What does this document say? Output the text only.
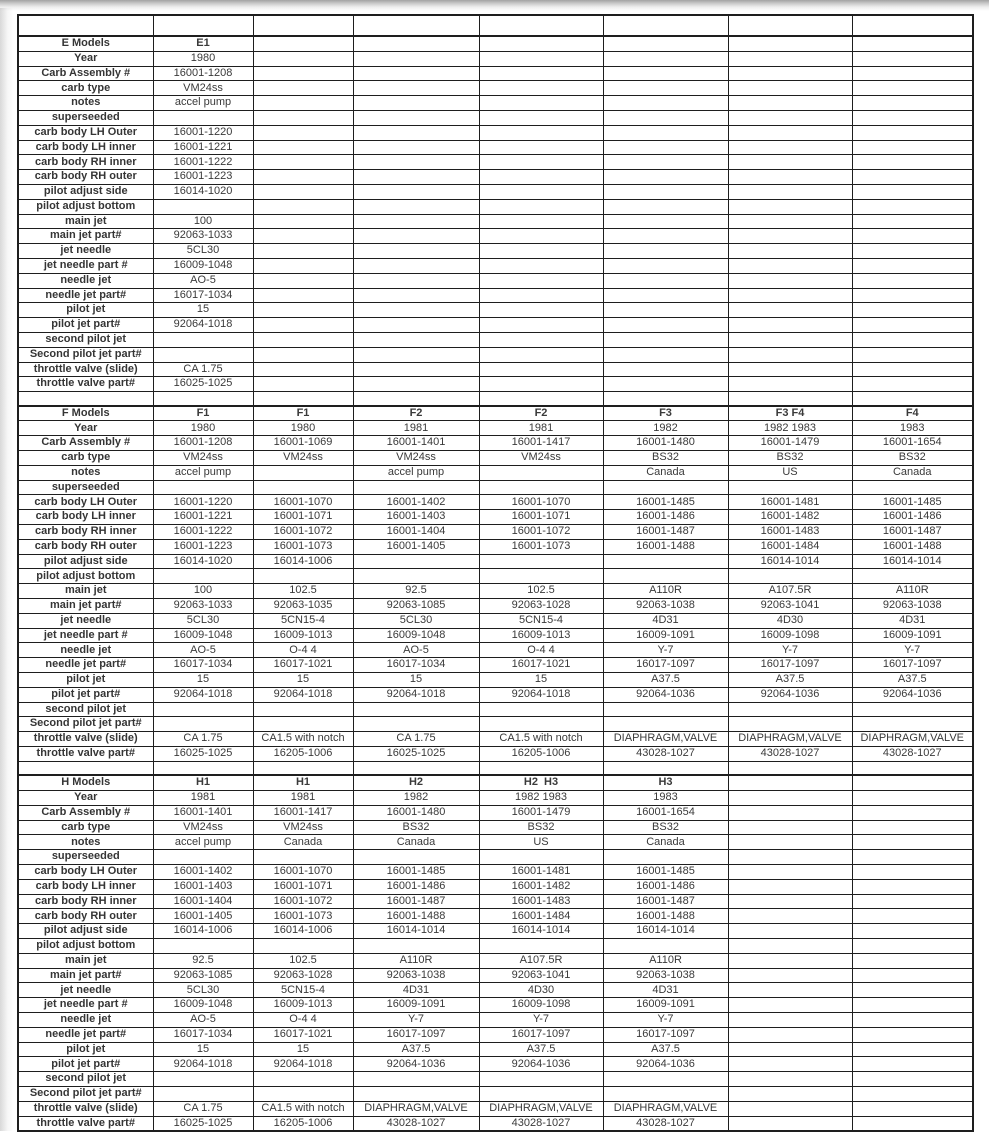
E Models	E1						
Year	1980						
Carb Assembly #	16001-1208						
carb type	VM24ss						
notes	accel pump						
superseeded							
carb body LH Outer	16001-1220						
carb body LH inner	16001-1221						
carb body RH inner	16001-1222						
carb body RH outer	16001-1223						
pilot adjust side	16014-1020						
pilot adjust bottom							
main jet	100						
main jet part#	92063-1033						
jet needle	5CL30						
jet needle part #	16009-1048						
needle jet	AO-5						
needle jet part#	16017-1034						
pilot jet	15						
pilot jet part#	92064-1018						
second pilot jet							
Second pilot jet part#							
throttle valve (slide)	CA 1.75						
throttle valve part#	16025-1025						

F Models	F1	F1	F2	F2	F3	F3 F4	F4
Year	1980	1980	1981	1981	1982	1982 1983	1983
Carb Assembly #	16001-1208	16001-1069	16001-1401	16001-1417	16001-1480	16001-1479	16001-1654
carb type	VM24ss	VM24ss	VM24ss	VM24ss	BS32	BS32	BS32
notes	accel pump		accel pump		Canada	US	Canada
superseeded							
carb body LH Outer	16001-1220	16001-1070	16001-1402	16001-1070	16001-1485	16001-1481	16001-1485
carb body LH inner	16001-1221	16001-1071	16001-1403	16001-1071	16001-1486	16001-1482	16001-1486
carb body RH inner	16001-1222	16001-1072	16001-1404	16001-1072	16001-1487	16001-1483	16001-1487
carb body RH outer	16001-1223	16001-1073	16001-1405	16001-1073	16001-1488	16001-1484	16001-1488
pilot adjust side	16014-1020	16014-1006				16014-1014	16014-1014
pilot adjust bottom							
main jet	100	102.5	92.5	102.5	A110R	A107.5R	A110R
main jet part#	92063-1033	92063-1035	92063-1085	92063-1028	92063-1038	92063-1041	92063-1038
jet needle	5CL30	5CN15-4	5CL30	5CN15-4	4D31	4D30	4D31
jet needle part #	16009-1048	16009-1013	16009-1048	16009-1013	16009-1091	16009-1098	16009-1091
needle jet	AO-5	O-4 4	AO-5	O-4 4	Y-7	Y-7	Y-7
needle jet part#	16017-1034	16017-1021	16017-1034	16017-1021	16017-1097	16017-1097	16017-1097
pilot jet	15	15	15	15	A37.5	A37.5	A37.5
pilot jet part#	92064-1018	92064-1018	92064-1018	92064-1018	92064-1036	92064-1036	92064-1036
second pilot jet							
Second pilot jet part#							
throttle valve (slide)	CA 1.75	CA1.5 with notch	CA 1.75	CA1.5 with notch	DIAPHRAGM,VALVE	DIAPHRAGM,VALVE	DIAPHRAGM,VALVE
throttle valve part#	16025-1025	16205-1006	16025-1025	16205-1006	43028-1027	43028-1027	43028-1027

H Models	H1	H1	H2	H2  H3	H3		
Year	1981	1981	1982	1982 1983	1983		
Carb Assembly #	16001-1401	16001-1417	16001-1480	16001-1479	16001-1654		
carb type	VM24ss	VM24ss	BS32	BS32	BS32		
notes	accel pump	Canada	Canada	US	Canada		
superseeded							
carb body LH Outer	16001-1402	16001-1070	16001-1485	16001-1481	16001-1485		
carb body LH inner	16001-1403	16001-1071	16001-1486	16001-1482	16001-1486		
carb body RH inner	16001-1404	16001-1072	16001-1487	16001-1483	16001-1487		
carb body RH outer	16001-1405	16001-1073	16001-1488	16001-1484	16001-1488		
pilot adjust side	16014-1006	16014-1006	16014-1014	16014-1014	16014-1014		
pilot adjust bottom							
main jet	92.5	102.5	A110R	A107.5R	A110R		
main jet part#	92063-1085	92063-1028	92063-1038	92063-1041	92063-1038		
jet needle	5CL30	5CN15-4	4D31	4D30	4D31		
jet needle part #	16009-1048	16009-1013	16009-1091	16009-1098	16009-1091		
needle jet	AO-5	O-4 4	Y-7	Y-7	Y-7		
needle jet part#	16017-1034	16017-1021	16017-1097	16017-1097	16017-1097		
pilot jet	15	15	A37.5	A37.5	A37.5		
pilot jet part#	92064-1018	92064-1018	92064-1036	92064-1036	92064-1036		
second pilot jet							
Second pilot jet part#							
throttle valve (slide)	CA 1.75	CA1.5 with notch	DIAPHRAGM,VALVE	DIAPHRAGM,VALVE	DIAPHRAGM,VALVE		
throttle valve part#	16025-1025	16205-1006	43028-1027	43028-1027	43028-1027		
